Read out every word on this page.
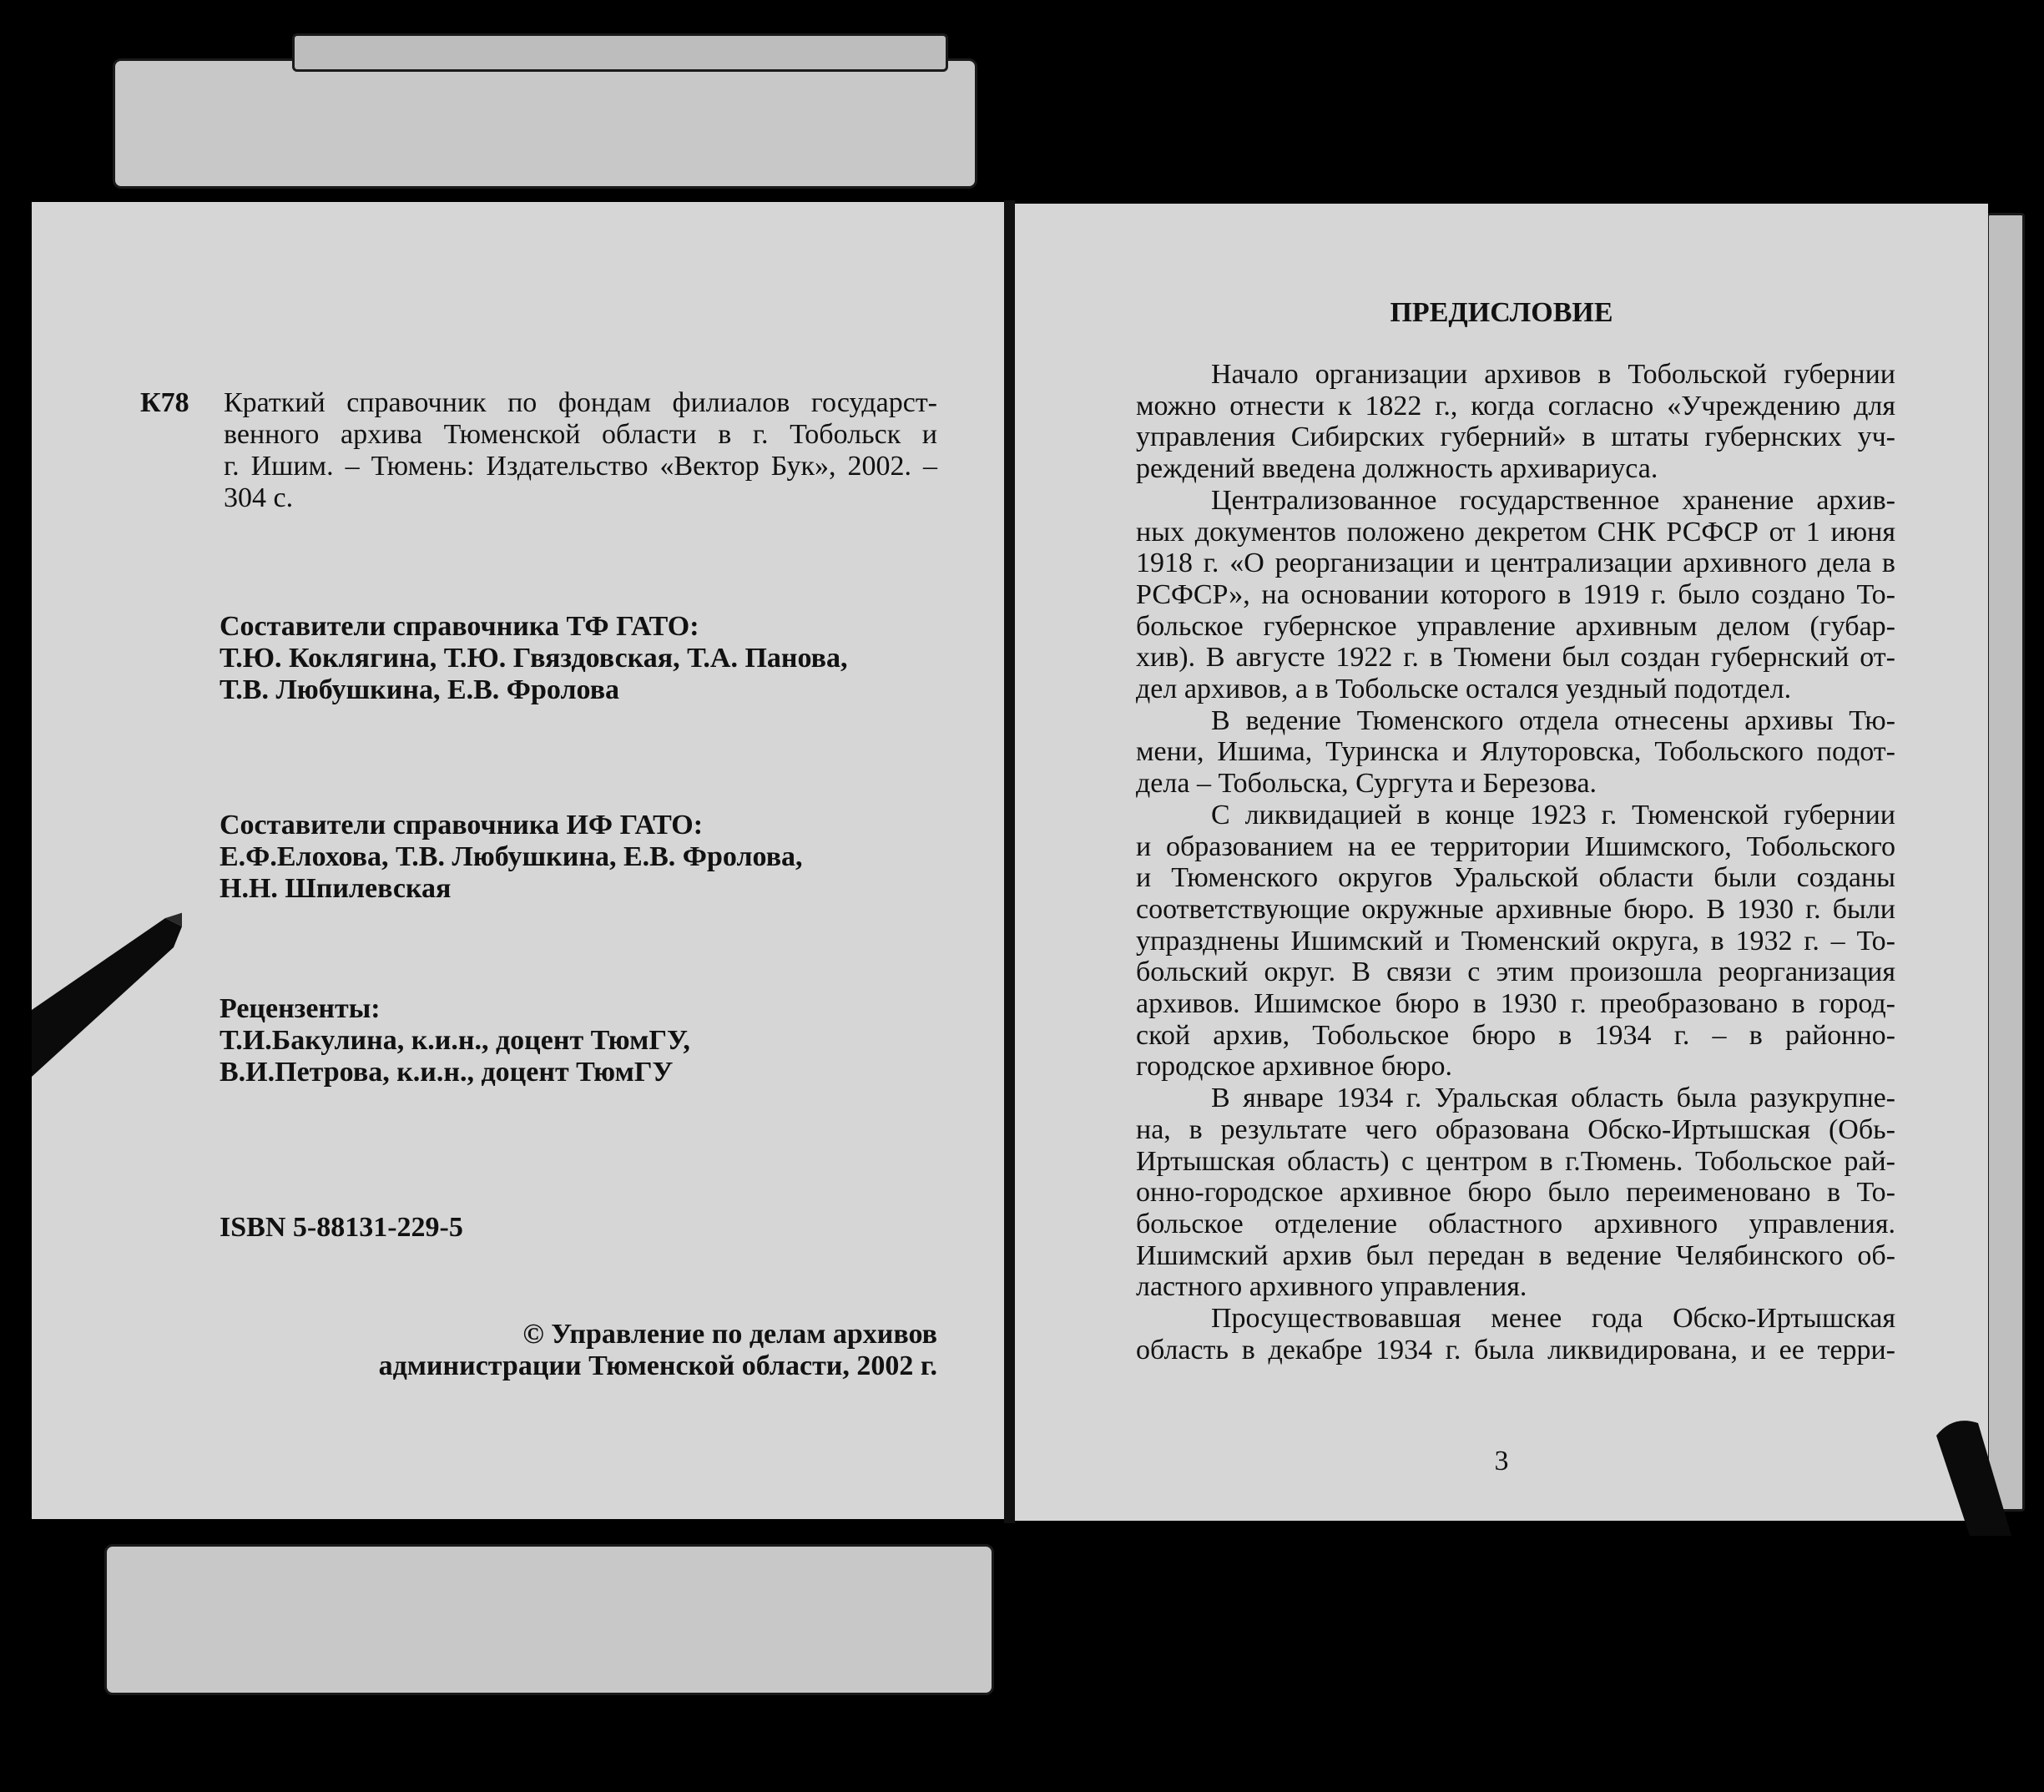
К78 Краткий справочник по фондам филиалов государст-
венного архива Тюменской области в г. Тобольск и
г. Ишим. – Тюмень: Издательство «Вектор Бук», 2002. –
304 с.
Составители справочника ТФ ГАТО:
Т.Ю. Коклягина, Т.Ю. Гвяздовская, Т.А. Панова,
Т.В. Любушкина, Е.В. Фролова
Составители справочника ИФ ГАТО:
Е.Ф.Елохова, Т.В. Любушкина, Е.В. Фролова,
Н.Н. Шпилевская
Рецензенты:
Т.И.Бакулина, к.и.н., доцент ТюмГУ,
В.И.Петрова, к.и.н., доцент ТюмГУ
ISBN 5-88131-229-5
© Управление по делам архивов
администрации Тюменской области, 2002 г.
ПРЕДИСЛОВИЕ
Начало организации архивов в Тобольской губернии
можно отнести к 1822 г., когда согласно «Учреждению для
управления Сибирских губерний» в штаты губернских уч-
реждений введена должность архивариуса.
Централизованное государственное хранение архив-
ных документов положено декретом СНК РСФСР от 1 июня
1918 г. «О реорганизации и централизации архивного дела в
РСФСР», на основании которого в 1919 г. было создано То-
больское губернское управление архивным делом (губар-
хив). В августе 1922 г. в Тюмени был создан губернский от-
дел архивов, а в Тобольске остался уездный подотдел.
В ведение Тюменского отдела отнесены архивы Тю-
мени, Ишима, Туринска и Ялуторовска, Тобольского подот-
дела – Тобольска, Сургута и Березова.
С ликвидацией в конце 1923 г. Тюменской губернии
и образованием на ее территории Ишимского, Тобольского
и Тюменского округов Уральской области были созданы
соответствующие окружные архивные бюро. В 1930 г. были
упразднены Ишимский и Тюменский округа, в 1932 г. – То-
больский округ. В связи с этим произошла реорганизация
архивов. Ишимское бюро в 1930 г. преобразовано в город-
ской архив, Тобольское бюро в 1934 г. – в районно-
городское архивное бюро.
В январе 1934 г. Уральская область была разукрупне-
на, в результате чего образована Обско-Иртышская (Обь-
Иртышская область) с центром в г.Тюмень. Тобольское рай-
онно-городское архивное бюро было переименовано в То-
больское отделение областного архивного управления.
Ишимский архив был передан в ведение Челябинского об-
ластного архивного управления.
Просуществовавшая менее года Обско-Иртышская
область в декабре 1934 г. была ликвидирована, и ее терри-
3
